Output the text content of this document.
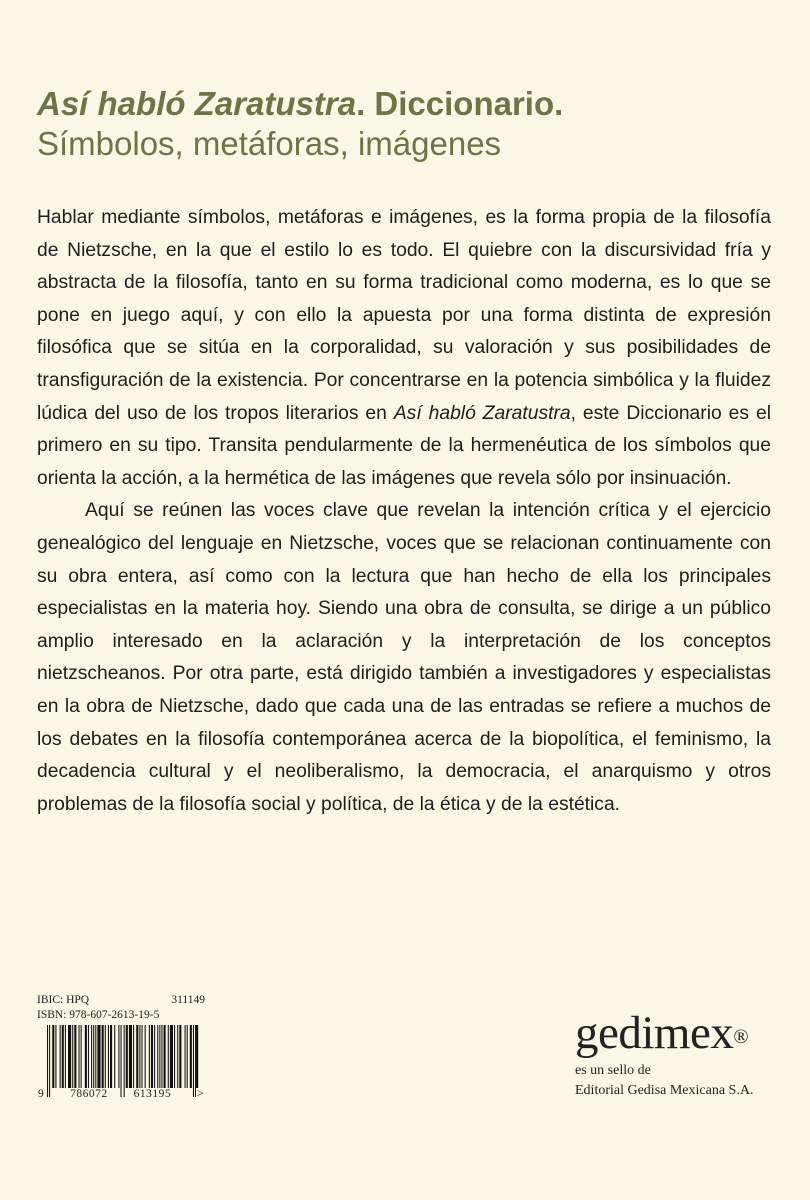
Así habló Zaratustra. Diccionario.
Símbolos, metáforas, imágenes

Hablar mediante símbolos, metáforas e imágenes, es la forma propia de la filosofía de Nietzsche, en la que el estilo lo es todo. El quiebre con la discursividad fría y abstracta de la filosofía, tanto en su forma tradicional como moderna, es lo que se pone en juego aquí, y con ello la apuesta por una forma distinta de expresión filosófica que se sitúa en la corporalidad, su valoración y sus posibilidades de transfiguración de la existencia. Por concentrarse en la potencia simbólica y la fluidez lúdica del uso de los tropos literarios en Así habló Zaratustra, este Diccionario es el primero en su tipo. Transita pendularmente de la hermenéutica de los símbolos que orienta la acción, a la hermética de las imágenes que revela sólo por insinuación.

Aquí se reúnen las voces clave que revelan la intención crítica y el ejercicio genealógico del lenguaje en Nietzsche, voces que se relacionan continuamente con su obra entera, así como con la lectura que han hecho de ella los principales especialistas en la materia hoy. Siendo una obra de consulta, se dirige a un público amplio interesado en la aclaración y la interpretación de los conceptos nietzscheanos. Por otra parte, está dirigido también a investigadores y especialistas en la obra de Nietzsche, dado que cada una de las entradas se refiere a muchos de los debates en la filosofía contemporánea acerca de la biopolítica, el feminismo, la decadencia cultural y el neoliberalismo, la democracia, el anarquismo y otros problemas de la filosofía social y política, de la ética y de la estética.

IBIC: HPQ	311149
ISBN: 978-607-2613-19-5
9 786072 613195 >
gedimex®
es un sello de
Editorial Gedisa Mexicana S.A.
